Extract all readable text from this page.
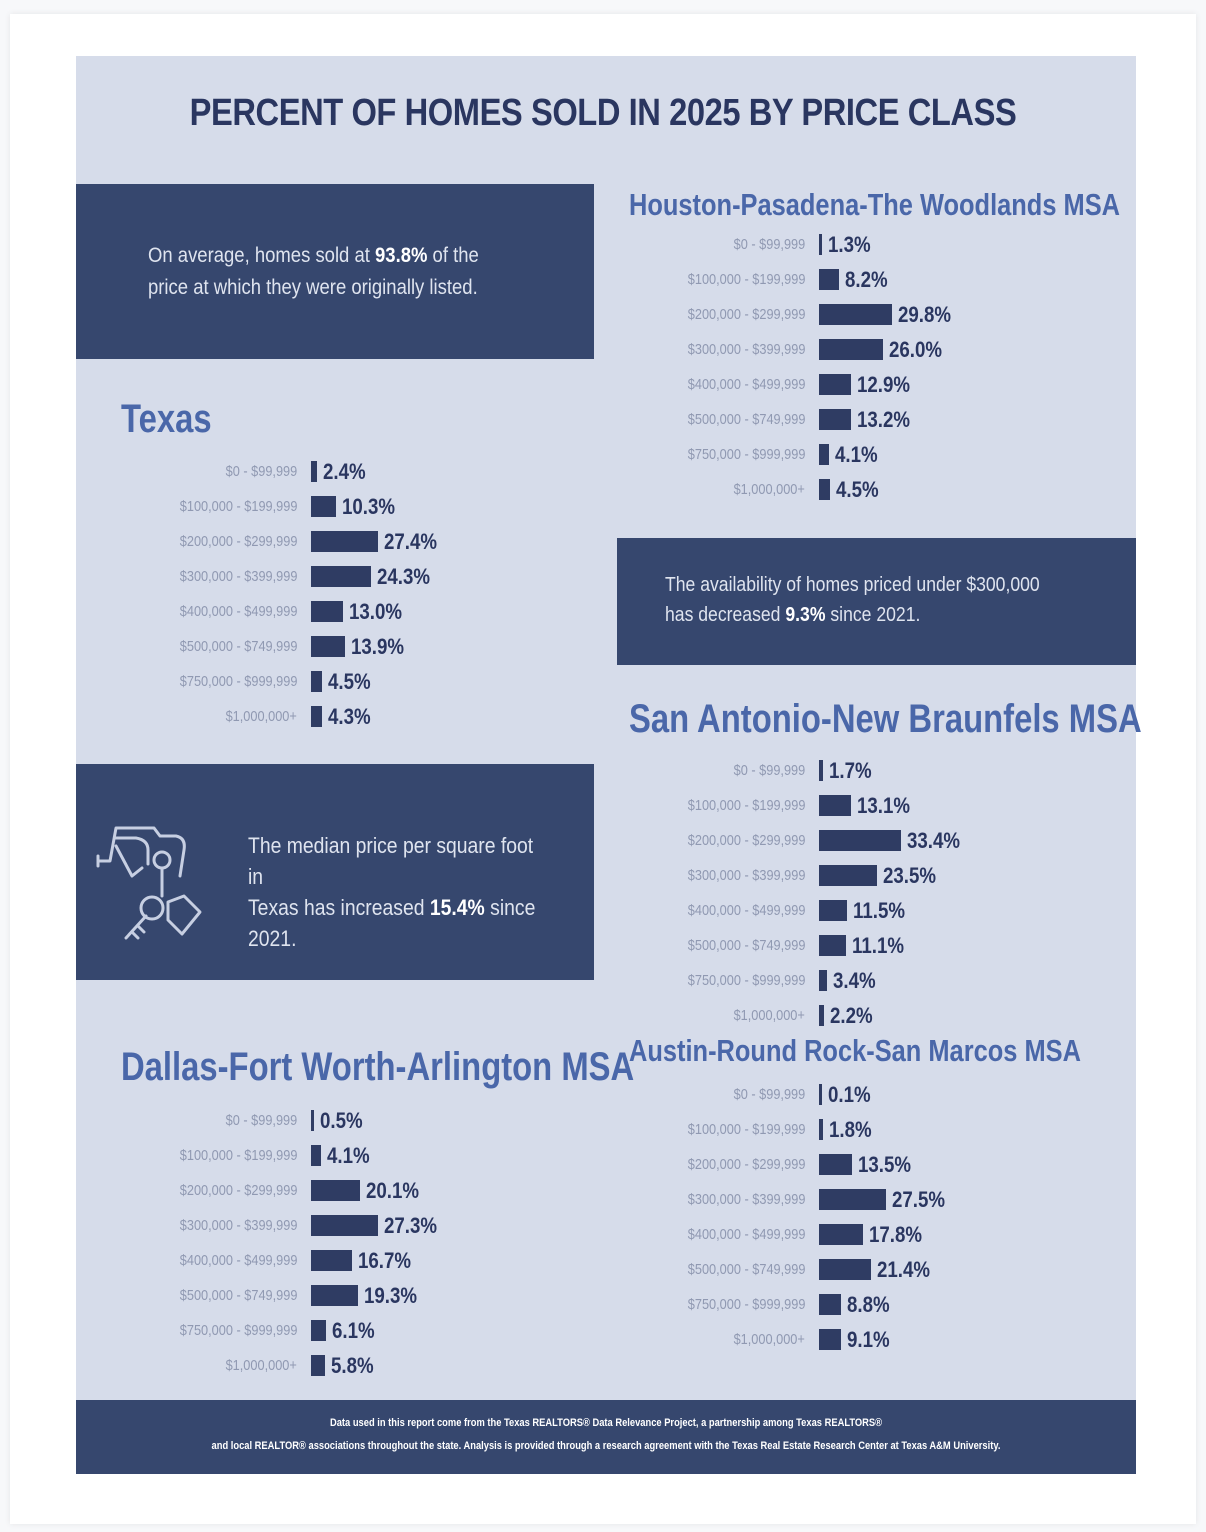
PERCENT OF HOMES SOLD IN 2025 BY PRICE CLASS

On average, homes sold at 93.8% of the
price at which they were originally listed.

The availability of homes priced under $300,000
has decreased 9.3% since 2021.

The median price per square foot in
Texas has increased 15.4% since
2021.

Houston-Pasadena-The Woodlands MSA
$0 - $99,999 1.3%
$100,000 - $199,999 8.2%
$200,000 - $299,999	29.8%
$300,000 - $399,999	26.0%
$400,000 - $499,999 12.9%
$500,000 - $749,999 13.2%
$750,000 - $999,999 4.1%
$1,000,000+ 4.5%
Texas
$0 - $99,999 2.4%
$100,000 - $199,999 10.3%
$200,000 - $299,999	27.4%
$300,000 - $399,999	24.3%
$400,000 - $499,999 13.0%
$500,000 - $749,999 13.9%
$750,000 - $999,999 4.5%
$1,000,000+ 4.3%	San Antonio-New Braunfels MSA
$0 - $99,999 1.7%
$100,000 - $199,999 13.1%
$200,000 - $299,999	33.4%
$300,000 - $399,999	23.5%
$400,000 - $499,999 11.5%
$500,000 - $749,999 11.1%
$750,000 - $999,999 3.4%
$1,000,000+ 2.2%
Austin-Round Rock-San Marcos MSA
$0 - $99,999 0.1%
$100,000 - $199,999 1.8%
$200,000 - $299,999 13.5%
$300,000 - $399,999	27.5%
$400,000 - $499,999	17.8%
$500,000 - $749,999	21.4%
$750,000 - $999,999 8.8%
$1,000,000+ 9.1%
Dallas-Fort Worth-Arlington MSA
$0 - $99,999 0.5%
$100,000 - $199,999 4.1%
$200,000 - $299,999	20.1%
$300,000 - $399,999	27.3%
$400,000 - $499,999	16.7%
$500,000 - $749,999	19.3%
$750,000 - $999,999 6.1%
$1,000,000+ 5.8%

Data used in this report come from the Texas REALTORS® Data Relevance Project, a partnership among Texas REALTORS®

and local REALTOR® associations throughout the state. Analysis is provided through a research agreement with the Texas Real Estate Research Center at Texas A&M University.
